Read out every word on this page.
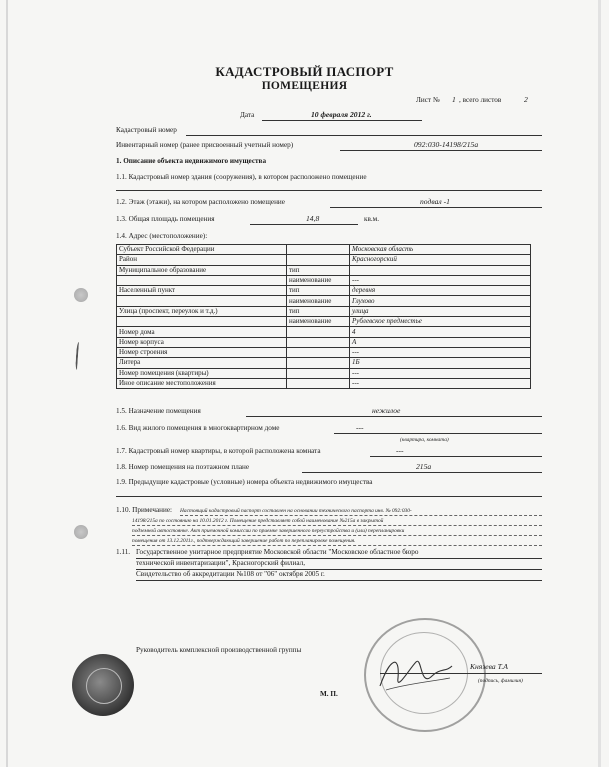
КАДАСТРОВЫЙ ПАСПОРТ
ПОМЕЩЕНИЯ
Лист № 1 , всего листов	2
Дата	10 февраля 2012 г.
Кадастровый номер
Инвентарный номер (ранее присвоенный учетный номер)	092:030-14198/215а
1. Описание объекта недвижимого имущества
1.1. Кадастровый номер здания (сооружения), в котором расположено помещение
1.2. Этаж (этажи), на котором расположено помещение	подвал -1
1.3. Общая площадь помещения	14,8	кв.м.
1.4. Адрес (местоположение):
Субъект Российской Федерации		Московская область
Район		Красногорский
Муниципальное образование	тип	
	наименование	---
Населенный пункт	тип	деревня
	наименование	Глухово
Улица (проспект, переулок и т.д.)	тип	улица
	наименование	Рублевское предместье
Номер дома		4
Номер корпуса		А
Номер строения		---
Литера		1Б
Номер помещения (квартиры)		---
Иное описание местоположения		---
1.5. Назначение помещения	нежилое
1.6. Вид жилого помещения в многоквартирном доме	---
(квартира, комната)
1.7. Кадастровый номер квартиры, в которой расположена комната	---
1.8. Номер помещения на поэтажном плане	215а
1.9. Предыдущие кадастровые (условные) номера объекта недвижимого имущества
1.10. Примечание: Настоящий кадастровый паспорт составлен на основании технического паспорта инв. № 092:030-
14198/215а по состоянию на 10.01.2012 г. Помещение представляет собой наименование №215а в закрытой
подземной автостоянке. Акт приемочной комиссии по приемке завершенного переустройства и (или) перепланировки
помещения от 13.12.2011г., подтверждающий завершение работ по перепланировке помещения.
1.11. Государственное унитарное предприятие Московской области "Московское областное бюро
технической инвентаризации", Красногорский филиал,
Свидетельство об аккредитации №108 от "06" октября 2005 г.
Руководитель комплексной производственной группы
Князева Т.А
(подпись, фамилия)
М. П.
